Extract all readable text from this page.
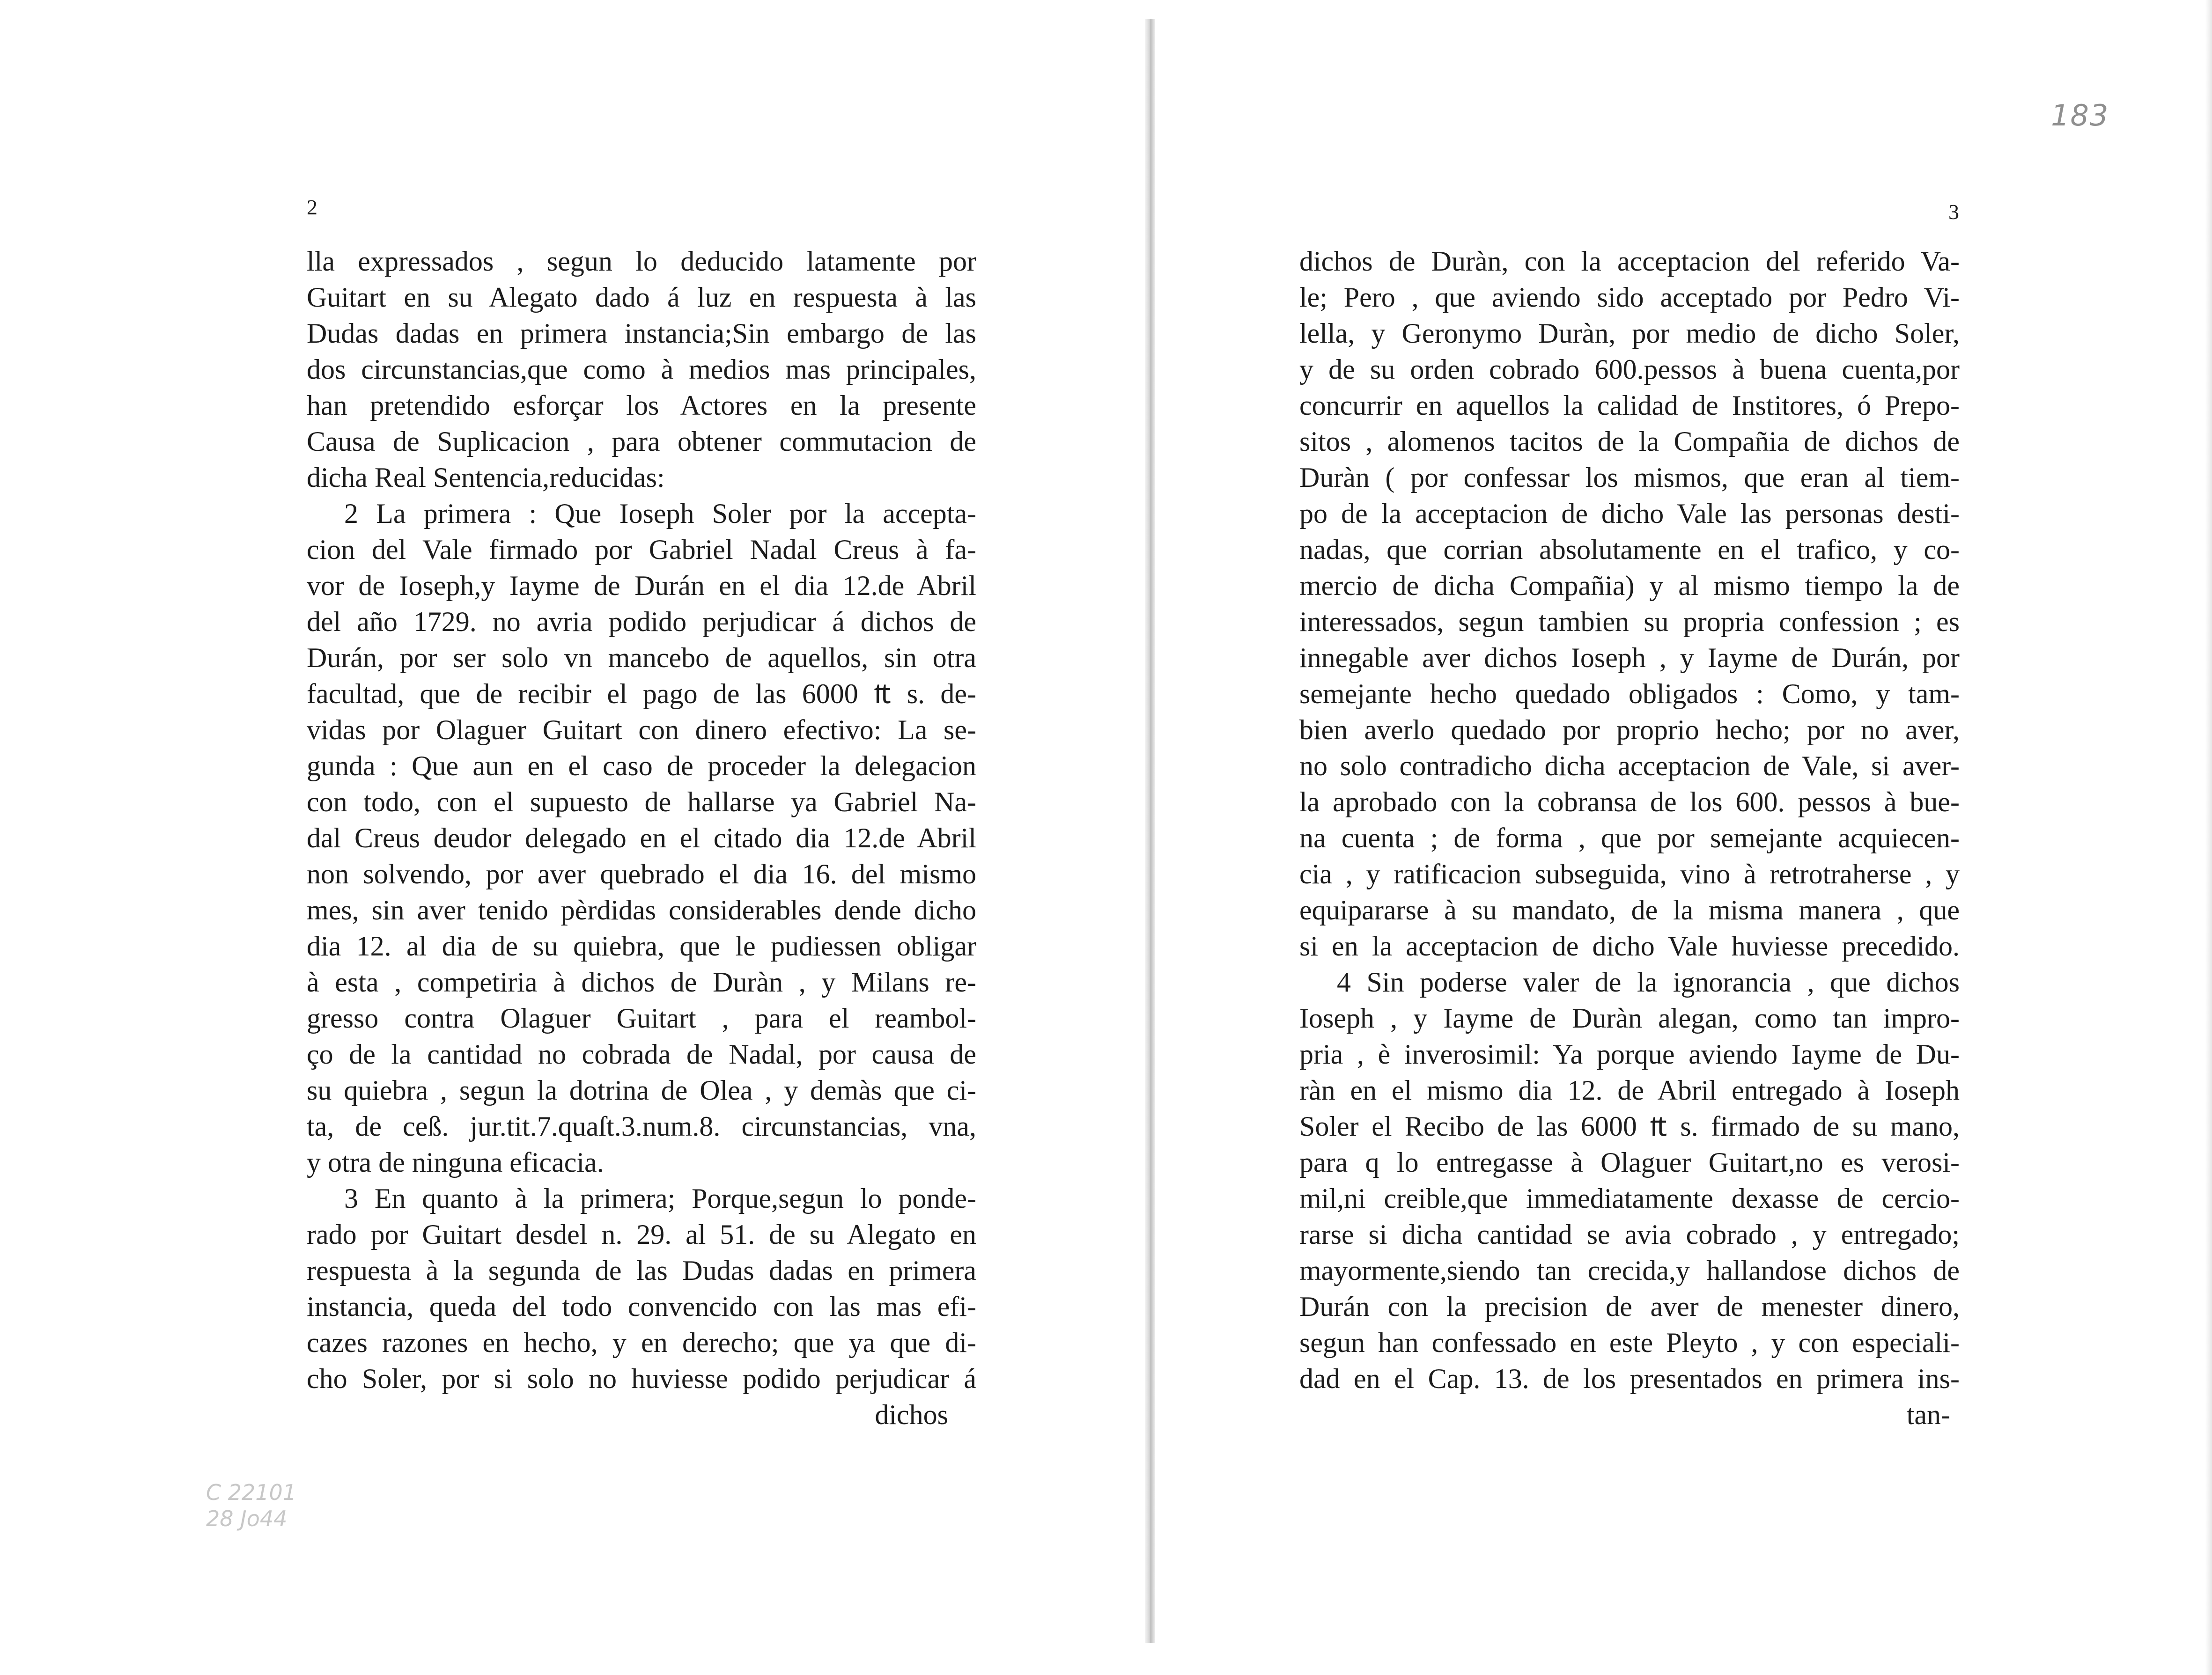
2
lla expressados , segun lo deducido latamente por
Guitart en su Alegato dado á luz en respuesta à las
Dudas dadas en primera instancia;Sin embargo de las
dos circunstancias,que como à medios mas principales,
han pretendido esforçar los Actores en la presente
Causa de Suplicacion , para obtener commutacion de
dicha Real Sentencia,reducidas:
2 La primera : Que Ioseph Soler por la accepta-
cion del Vale firmado por Gabriel Nadal Creus à fa-
vor de Ioseph,y Iayme de Durán en el dia 12.de Abril
del año 1729. no avria podido perjudicar á dichos de
Durán, por ser solo vn mancebo de aquellos, sin otra
facultad, que de recibir el pago de las 6000 ₶ s. de-
vidas por Olaguer Guitart con dinero efectivo: La se-
gunda : Que aun en el caso de proceder la delegacion
con todo, con el supuesto de hallarse ya Gabriel Na-
dal Creus deudor delegado en el citado dia 12.de Abril
non solvendo, por aver quebrado el dia 16. del mismo
mes, sin aver tenido pèrdidas considerables dende dicho
dia 12. al dia de su quiebra, que le pudiessen obligar
à esta , competiria à dichos de Duràn , y Milans re-
gresso contra Olaguer Guitart , para el reambol-
ço de la cantidad no cobrada de Nadal, por causa de
su quiebra , segun la dotrina de Olea , y demàs que ci-
ta, de ceß. jur.tit.7.quaſt.3.num.8. circunstancias, vna,
y otra de ninguna eficacia.
3 En quanto à la primera; Porque,segun lo ponde-
rado por Guitart desdel n. 29. al 51. de su Alegato en
respuesta à la segunda de las Dudas dadas en primera
instancia, queda del todo convencido con las mas efi-
cazes razones en hecho, y en derecho; que ya que di-
cho Soler, por si solo no huviesse podido perjudicar á
dichos
3
dichos de Duràn, con la acceptacion del referido Va-
le; Pero , que aviendo sido acceptado por Pedro Vi-
lella, y Geronymo Duràn, por medio de dicho Soler,
y de su orden cobrado 600.pessos à buena cuenta,por
concurrir en aquellos la calidad de Institores, ó Prepo-
sitos , alomenos tacitos de la Compañia de dichos de
Duràn ( por confessar los mismos, que eran al tiem-
po de la acceptacion de dicho Vale las personas desti-
nadas, que corrian absolutamente en el trafico, y co-
mercio de dicha Compañia) y al mismo tiempo la de
interessados, segun tambien su propria confession ; es
innegable aver dichos Ioseph , y Iayme de Durán, por
semejante hecho quedado obligados : Como, y tam-
bien averlo quedado por proprio hecho; por no aver,
no solo contradicho dicha acceptacion de Vale, si aver-
la aprobado con la cobransa de los 600. pessos à bue-
na cuenta ; de forma , que por semejante acquiecen-
cia , y ratificacion subseguida, vino à retrotraherse , y
equipararse à su mandato, de la misma manera , que
si en la acceptacion de dicho Vale huviesse precedido.
4 Sin poderse valer de la ignorancia , que dichos
Ioseph , y Iayme de Duràn alegan, como tan impro-
pria , è inverosimil: Ya porque aviendo Iayme de Du-
ràn en el mismo dia 12. de Abril entregado à Ioseph
Soler el Recibo de las 6000 ₶ s. firmado de su mano,
para q lo entregasse à Olaguer Guitart,no es verosi-
mil,ni creible,que immediatamente dexasse de cercio-
rarse si dicha cantidad se avia cobrado , y entregado;
mayormente,siendo tan crecida,y hallandose dichos de
Durán con la precision de aver de menester dinero,
segun han confessado en este Pleyto , y con especiali-
dad en el Cap. 13. de los presentados en primera ins-
tan-
183
C 22101
28 Jo44
